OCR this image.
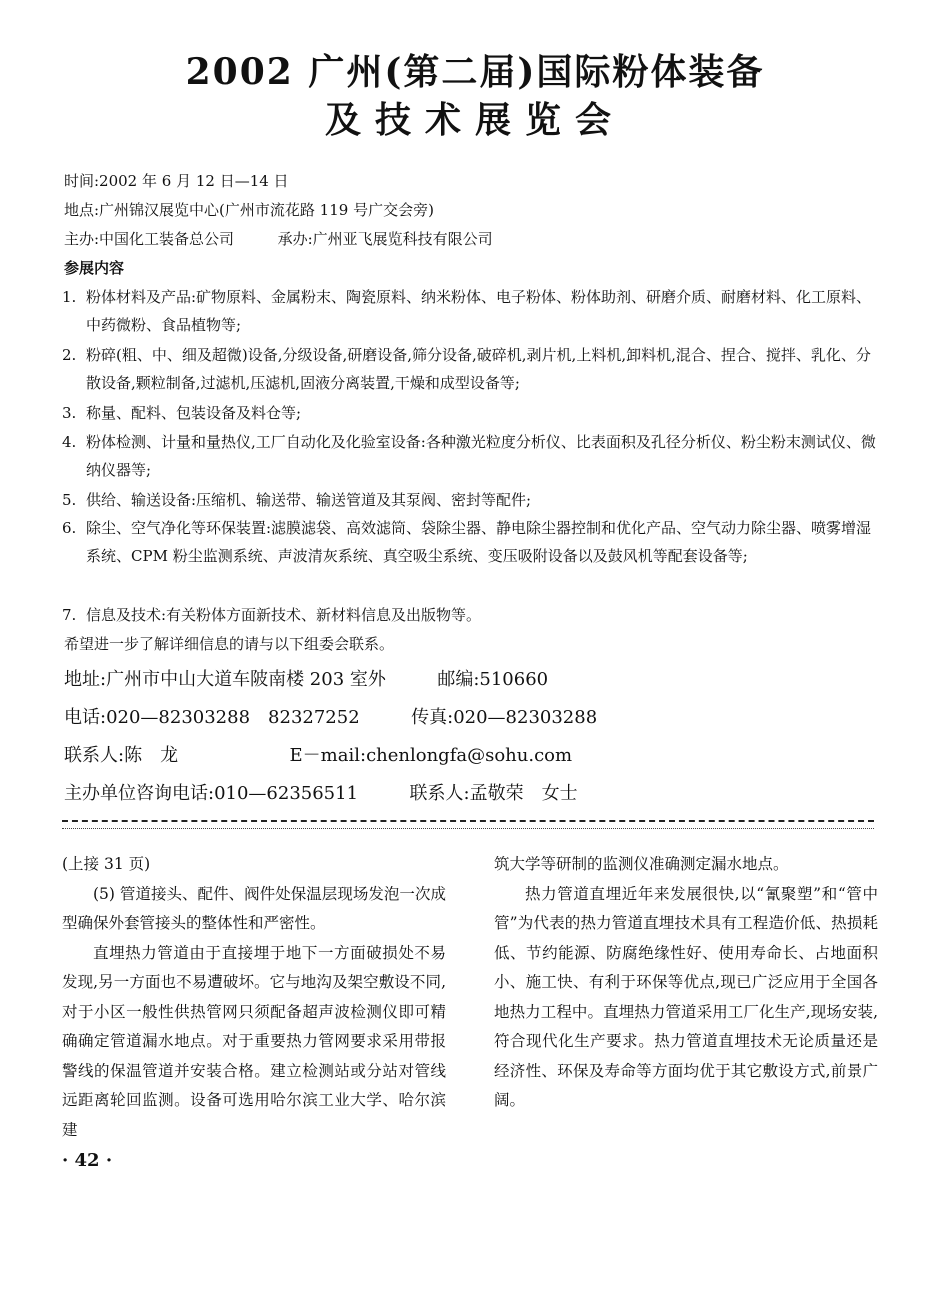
2002 广州(第二届)国际粉体装备
及技术展览会
时间:2002 年 6 月 12 日—14 日
地点:广州锦汉展览中心(广州市流花路 119 号广交会旁)
主办:中国化工装备总公司	承办:广州亚飞展览科技有限公司
参展内容
1. 粉体材料及产品:矿物原料、金属粉末、陶瓷原料、纳米粉体、电子粉体、粉体助剂、研磨介质、耐磨材料、化工原料、中药微粉、食品植物等;
2. 粉碎(粗、中、细及超微)设备,分级设备,研磨设备,筛分设备,破碎机,剥片机,上料机,卸料机,混合、捏合、搅拌、乳化、分散设备,颗粒制备,过滤机,压滤机,固液分离装置,干燥和成型设备等;
3. 称量、配料、包装设备及料仓等;
4. 粉体检测、计量和量热仪,工厂自动化及化验室设备:各种激光粒度分析仪、比表面积及孔径分析仪、粉尘粉末测试仪、微纳仪器等;
5. 供给、输送设备:压缩机、输送带、输送管道及其泵阀、密封等配件;
6. 除尘、空气净化等环保装置:滤膜滤袋、高效滤筒、袋除尘器、静电除尘器控制和优化产品、空气动力除尘器、喷雾增湿系统、CPM 粉尘监测系统、声波清灰系统、真空吸尘系统、变压吸附设备以及鼓风机等配套设备等;
7. 信息及技术:有关粉体方面新技术、新材料信息及出版物等。
希望进一步了解详细信息的请与以下组委会联系。
地址:广州市中山大道车陂南楼 203 室外	邮编:510660
电话:020—82303288　82327252	传真:020—82303288
联系人:陈　龙	E－mail:chenlongfa@sohu.com
主办单位咨询电话:010—62356511	联系人:孟敬荣　女士

(上接 31 页)

(5) 管道接头、配件、阀件处保温层现场发泡一次成型确保外套管接头的整体性和严密性。

直埋热力管道由于直接埋于地下一方面破损处不易发现,另一方面也不易遭破坏。它与地沟及架空敷设不同,对于小区一般性供热管网只须配备超声波检测仪即可精确确定管道漏水地点。对于重要热力管网要求采用带报警线的保温管道并安装合格。建立检测站或分站对管线远距离轮回监测。设备可选用哈尔滨工业大学、哈尔滨建

筑大学等研制的监测仪准确测定漏水地点。

热力管道直埋近年来发展很快,以“氰聚塑”和“管中管”为代表的热力管道直埋技术具有工程造价低、热损耗低、节约能源、防腐绝缘性好、使用寿命长、占地面积小、施工快、有利于环保等优点,现已广泛应用于全国各地热力工程中。直埋热力管道采用工厂化生产,现场安装,符合现代化生产要求。热力管道直埋技术无论质量还是经济性、环保及寿命等方面均优于其它敷设方式,前景广阔。

· 42 ·
